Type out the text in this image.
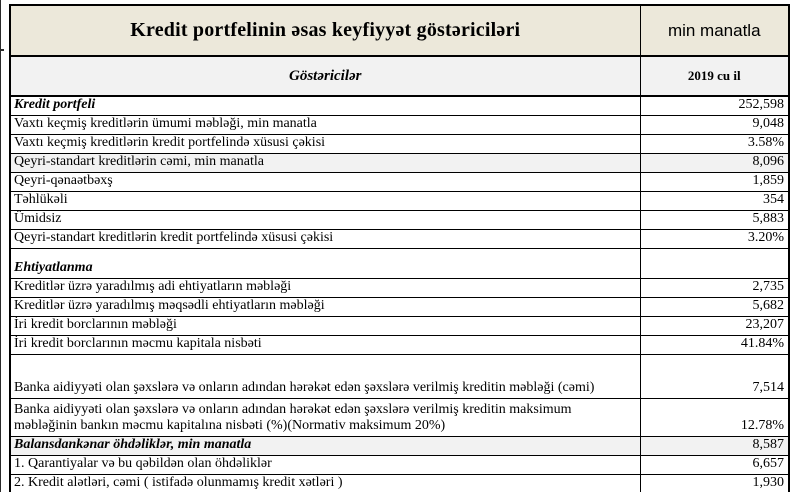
Kredit portfelinin əsas keyfiyyət göstəriciləri	min manatla
Göstəricilər	2019 cu il
Kredit portfeli	252,598
Vaxtı keçmiş kreditlərin ümumi məbləği, min manatla	9,048
Vaxtı keçmiş kreditlərin kredit portfelində xüsusi çəkisi	3.58%
Qeyri-standart kreditlərin cəmi, min manatla	8,096
Qeyri-qənaətbəxş	1,859
Təhlükəli	354
Ümidsiz	5,883
Qeyri-standart kreditlərin kredit portfelində xüsusi çəkisi	3.20%
Ehtiyatlanma	
Kreditlər üzrə yaradılmış adi ehtiyatların məbləği	2,735
Kreditlər üzrə yaradılmış məqsədli ehtiyatların məbləği	5,682
İri kredit borclarının məbləği	23,207
İri kredit borclarının məcmu kapitala nisbəti	41.84%
Banka aidiyyəti olan şəxslərə və onların adından hərəkət edən şəxslərə verilmiş kreditin məbləği (cəmi)	7,514
Banka aidiyyəti olan şəxslərə və onların adından hərəkət edən şəxslərə verilmiş kreditin maksimum məbləğinin bankın məcmu kapitalına nisbəti (%)(Normativ maksimum 20%)	12.78%
Balansdankənar öhdəliklər, min manatla	8,587
1. Qarantiyalar və bu qəbildən olan öhdəliklər	6,657
2. Kredit alətləri, cəmi ( istifadə olunmamış kredit xətləri )	1,930
